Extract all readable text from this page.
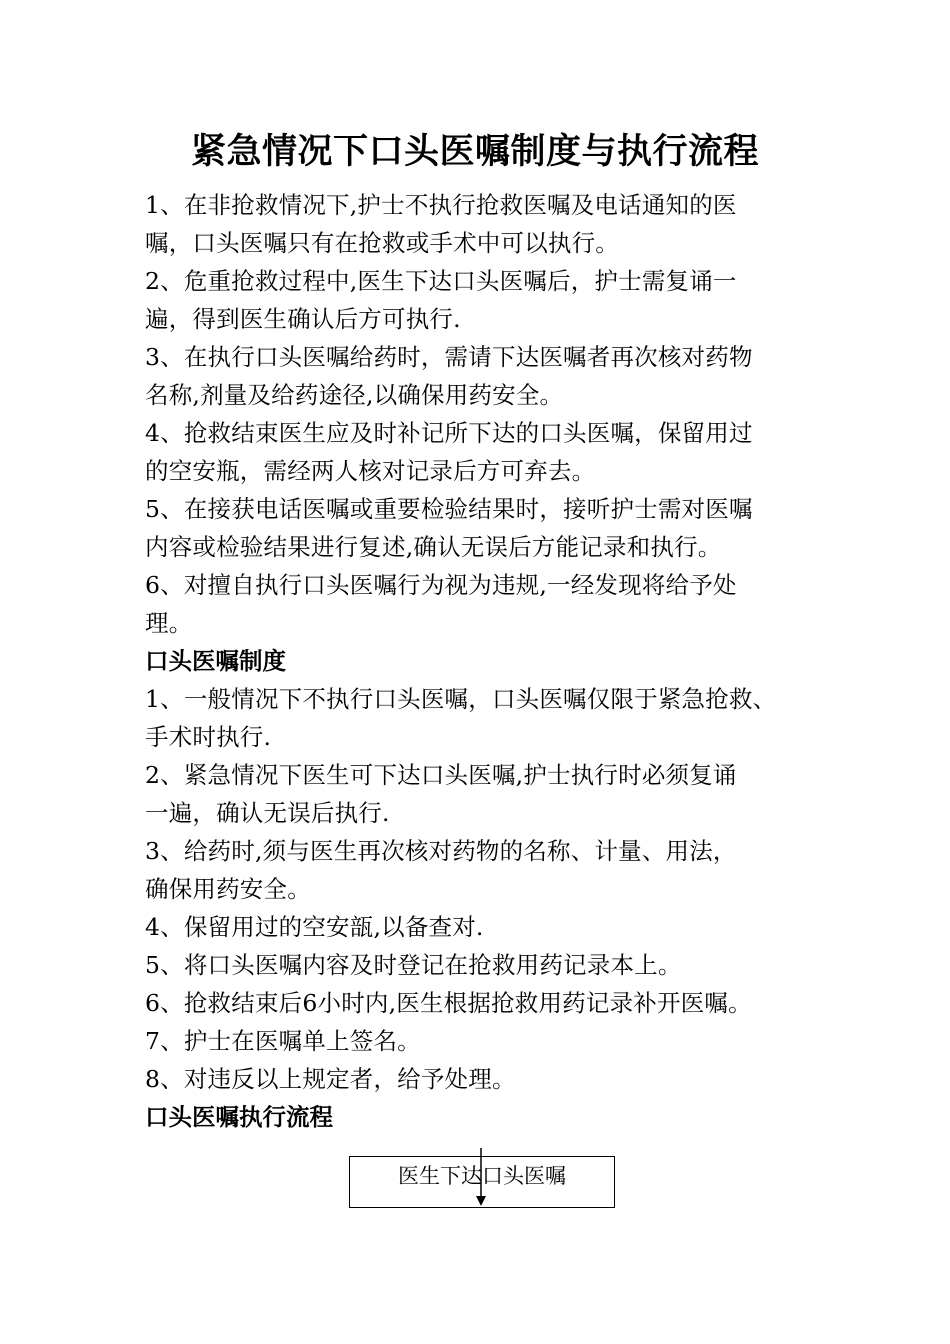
紧急情况下口头医嘱制度与执行流程
1、在非抢救情况下,护士不执行抢救医嘱及电话通知的医
嘱，口头医嘱只有在抢救或手术中可以执行。
2、危重抢救过程中,医生下达口头医嘱后，护士需复诵一
遍，得到医生确认后方可执行.
3、在执行口头医嘱给药时，需请下达医嘱者再次核对药物
名称,剂量及给药途径,以确保用药安全。
4、抢救结束医生应及时补记所下达的口头医嘱，保留用过
的空安瓶，需经两人核对记录后方可弃去。
5、在接获电话医嘱或重要检验结果时，接听护士需对医嘱
内容或检验结果进行复述,确认无误后方能记录和执行。
6、对擅自执行口头医嘱行为视为违规,一经发现将给予处
理。
口头医嘱制度
1、一般情况下不执行口头医嘱，口头医嘱仅限于紧急抢救、
手术时执行.
2、紧急情况下医生可下达口头医嘱,护士执行时必须复诵
一遍，确认无误后执行.
3、给药时,须与医生再次核对药物的名称、计量、用法，
确保用药安全。
4、保留用过的空安瓿,以备查对.
5、将口头医嘱内容及时登记在抢救用药记录本上。
6、抢救结束后6小时内,医生根据抢救用药记录补开医嘱。
7、护士在医嘱单上签名。
8、对违反以上规定者，给予处理。
口头医嘱执行流程
医生下达口头医嘱
